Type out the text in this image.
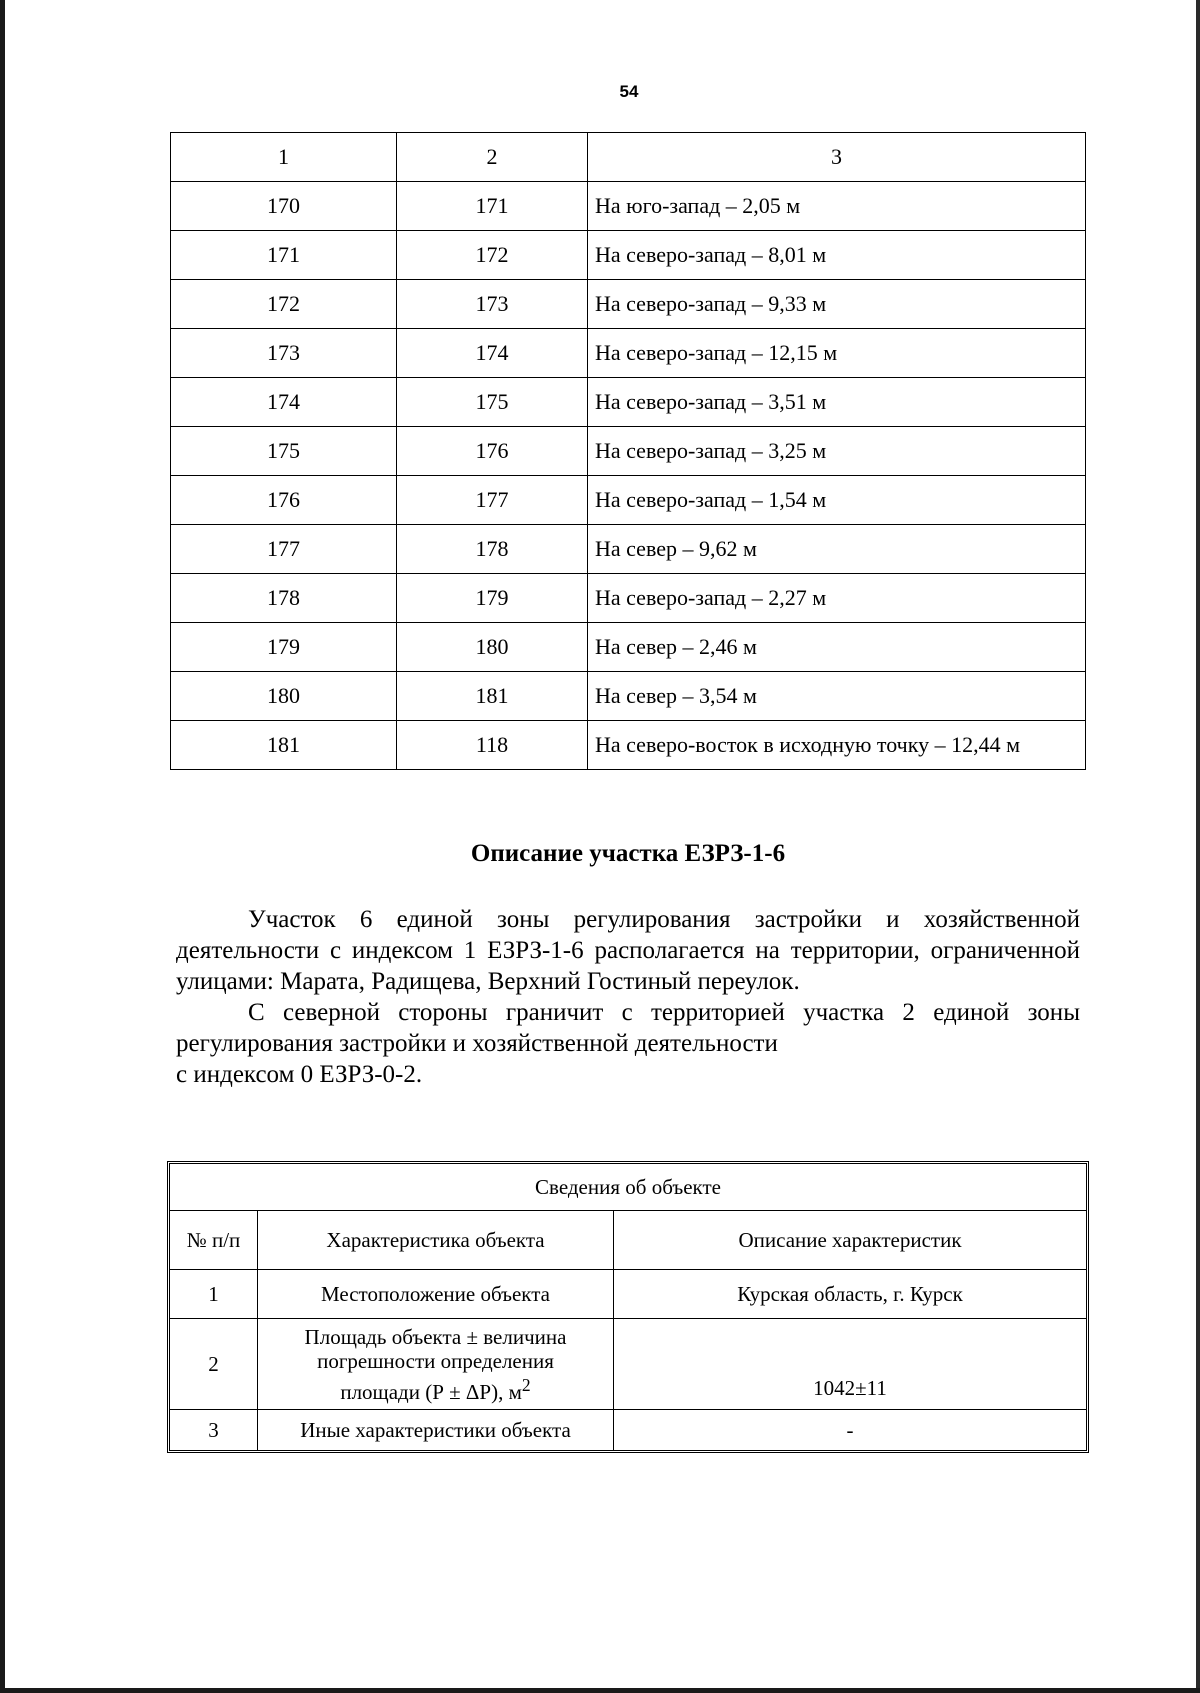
54
1	2	3
170	171	На юго-запад – 2,05 м
171	172	На северо-запад – 8,01 м
172	173	На северо-запад – 9,33 м
173	174	На северо-запад – 12,15 м
174	175	На северо-запад – 3,51 м
175	176	На северо-запад – 3,25 м
176	177	На северо-запад – 1,54 м
177	178	На север – 9,62 м
178	179	На северо-запад – 2,27 м
179	180	На север – 2,46 м
180	181	На север – 3,54 м
181	118	На северо-восток в исходную точку – 12,44 м
Описание участка ЕЗРЗ-1-6

Участок 6 единой зоны регулирования застройки и хозяйственной деятельности с индексом 1 ЕЗРЗ-1-6 располагается на территории, ограниченной улицами: Марата, Радищева, Верхний Гостиный переулок.

С северной стороны граничит с территорией участка 2 единой зоны регулирования застройки и хозяйственной деятельности
с индексом 0 ЕЗРЗ-0-2.

Сведения об объекте		
№ п/п	Характеристика объекта	Описание характеристик
1	Местоположение объекта	Курская область, г. Курск
2	Площадь объекта ± величина
погрешности определения
площади (Р ± ΔР), $м^2$	1042±11
3	Иные характеристики объекта	-
